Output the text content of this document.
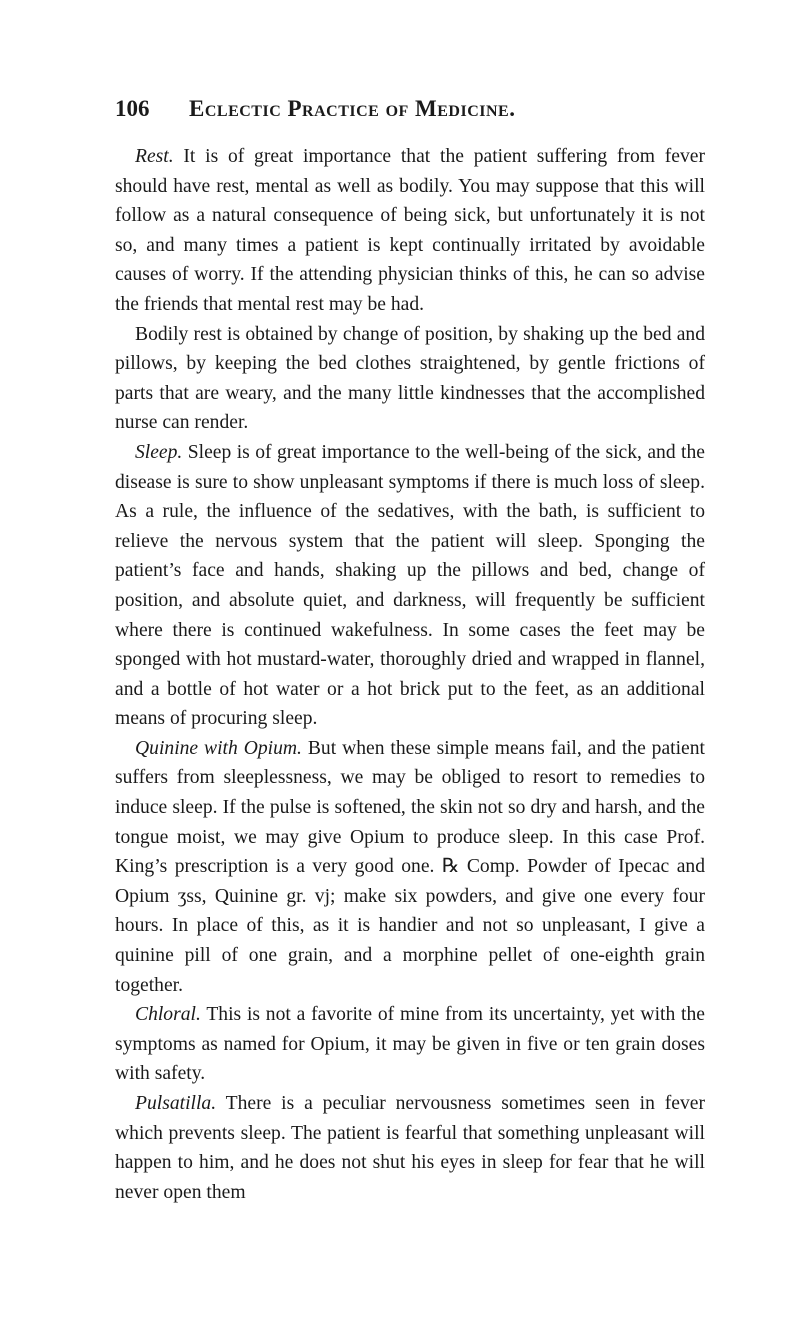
106	Eclectic Practice of Medicine.

Rest. It is of great importance that the patient suffering from fever should have rest, mental as well as bodily. You may suppose that this will follow as a natural consequence of being sick, but unfortunately it is not so, and many times a patient is kept continually irritated by avoidable causes of worry. If the attending physician thinks of this, he can so advise the friends that mental rest may be had.

Bodily rest is obtained by change of position, by shaking up the bed and pillows, by keeping the bed clothes straightened, by gentle frictions of parts that are weary, and the many little kindnesses that the accomplished nurse can render.

Sleep. Sleep is of great importance to the well-being of the sick, and the disease is sure to show unpleasant symptoms if there is much loss of sleep. As a rule, the influence of the sedatives, with the bath, is sufficient to relieve the nervous system that the patient will sleep. Sponging the patient’s face and hands, shaking up the pillows and bed, change of position, and absolute quiet, and darkness, will frequently be sufficient where there is continued wakefulness. In some cases the feet may be sponged with hot mustard-water, thoroughly dried and wrapped in flannel, and a bottle of hot water or a hot brick put to the feet, as an additional means of procuring sleep.

Quinine with Opium. But when these simple means fail, and the patient suffers from sleeplessness, we may be obliged to resort to remedies to induce sleep. If the pulse is softened, the skin not so dry and harsh, and the tongue moist, we may give Opium to produce sleep. In this case Prof. King’s prescription is a very good one. ℞ Comp. Powder of Ipecac and Opium ʒss, Quinine gr. vj; make six powders, and give one every four hours. In place of this, as it is handier and not so unpleasant, I give a quinine pill of one grain, and a morphine pellet of one-eighth grain together.

Chloral. This is not a favorite of mine from its uncertainty, yet with the symptoms as named for Opium, it may be given in five or ten grain doses with safety.

Pulsatilla. There is a peculiar nervousness sometimes seen in fever which prevents sleep. The patient is fearful that something unpleasant will happen to him, and he does not shut his eyes in sleep for fear that he will never open them
